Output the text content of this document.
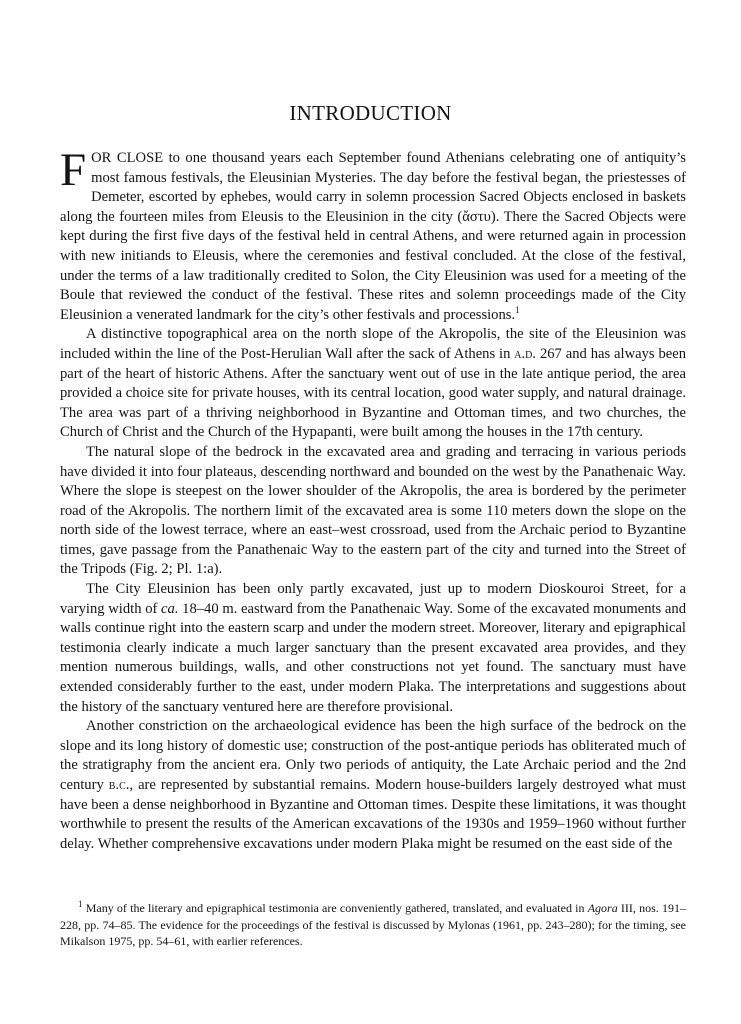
INTRODUCTION

FOR CLOSE to one thousand years each September found Athenians celebrating one of antiquity’s most famous festivals, the Eleusinian Mysteries. The day before the festival began, the priestesses of Demeter, escorted by ephebes, would carry in solemn procession Sacred Objects enclosed in baskets along the fourteen miles from Eleusis to the Eleusinion in the city (ἄστυ). There the Sacred Objects were kept during the first five days of the festival held in central Athens, and were returned again in procession with new initiands to Eleusis, where the ceremonies and festival concluded. At the close of the festival, under the terms of a law traditionally credited to Solon, the City Eleusinion was used for a meeting of the Boule that reviewed the conduct of the festival. These rites and solemn proceedings made of the City Eleusinion a venerated landmark for the city’s other festivals and processions.$^1$

A distinctive topographical area on the north slope of the Akropolis, the site of the Eleusinion was included within the line of the Post-Herulian Wall after the sack of Athens in a.d. 267 and has always been part of the heart of historic Athens. After the sanctuary went out of use in the late antique period, the area provided a choice site for private houses, with its central location, good water supply, and natural drainage. The area was part of a thriving neighborhood in Byzantine and Ottoman times, and two churches, the Church of Christ and the Church of the Hypapanti, were built among the houses in the 17th century.

The natural slope of the bedrock in the excavated area and grading and terracing in various periods have divided it into four plateaus, descending northward and bounded on the west by the Panathenaic Way. Where the slope is steepest on the lower shoulder of the Akropolis, the area is bordered by the perimeter road of the Akropolis. The northern limit of the excavated area is some 110 meters down the slope on the north side of the lowest terrace, where an east–west crossroad, used from the Archaic period to Byzantine times, gave passage from the Panathenaic Way to the eastern part of the city and turned into the Street of the Tripods (Fig. 2; Pl. 1:a).

The City Eleusinion has been only partly excavated, just up to modern Dioskouroi Street, for a varying width of ca. 18–40 m. eastward from the Panathenaic Way. Some of the excavated monuments and walls continue right into the eastern scarp and under the modern street. Moreover, literary and epigraphical testimonia clearly indicate a much larger sanctuary than the present excavated area provides, and they mention numerous buildings, walls, and other constructions not yet found. The sanctuary must have extended considerably further to the east, under modern Plaka. The interpretations and suggestions about the history of the sanctuary ventured here are therefore provisional.

Another constriction on the archaeological evidence has been the high surface of the bedrock on the slope and its long history of domestic use; construction of the post-antique periods has obliterated much of the stratigraphy from the ancient era. Only two periods of antiquity, the Late Archaic period and the 2nd century b.c., are represented by substantial remains. Modern house-builders largely destroyed what must have been a dense neighborhood in Byzantine and Ottoman times. Despite these limitations, it was thought worthwhile to present the results of the American excavations of the 1930s and 1959–1960 without further delay. Whether comprehensive excavations under modern Plaka might be resumed on the east side of the

$^1$ Many of the literary and epigraphical testimonia are conveniently gathered, translated, and evaluated in Agora III, nos. 191–228, pp. 74–85. The evidence for the proceedings of the festival is discussed by Mylonas (1961, pp. 243–280); for the timing, see Mikalson 1975, pp. 54–61, with earlier references.
